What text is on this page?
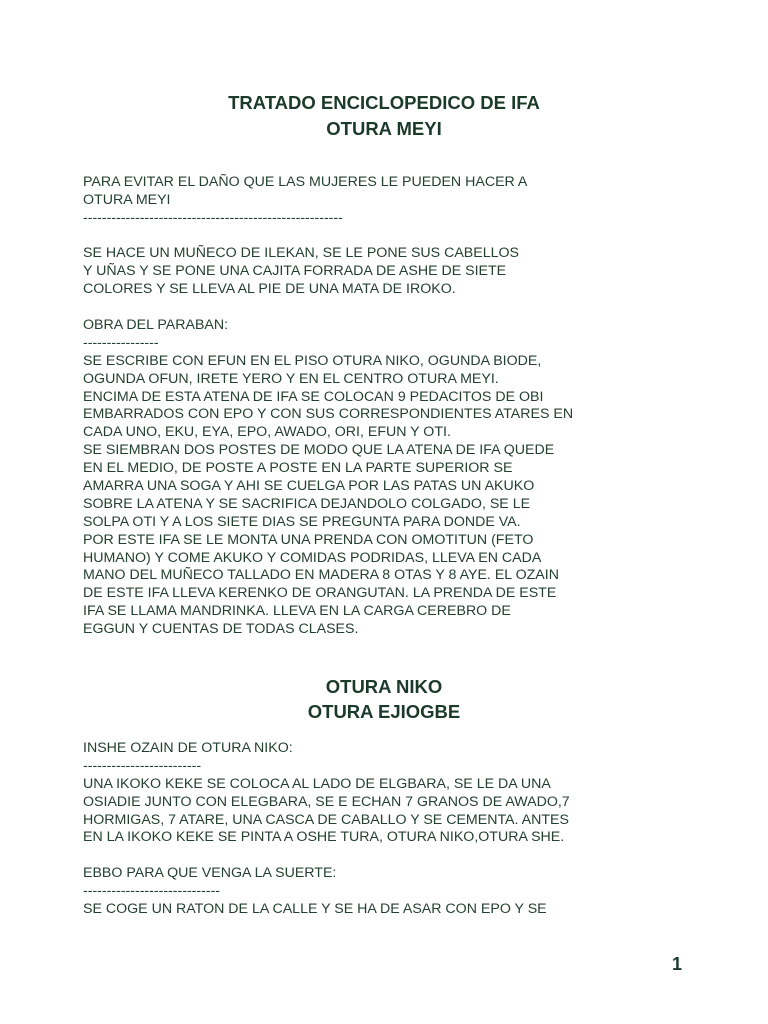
TRATADO ENCICLOPEDICO DE IFA
OTURA MEYI
PARA EVITAR EL DAÑO QUE LAS MUJERES LE PUEDEN HACER A
OTURA MEYI
-------------------------------------------------------
SE HACE UN MUÑECO DE ILEKAN, SE LE PONE SUS CABELLOS
Y UÑAS Y SE PONE UNA CAJITA FORRADA DE ASHE DE SIETE
COLORES Y SE LLEVA AL PIE DE UNA MATA DE IROKO.
OBRA DEL PARABAN:
----------------
SE ESCRIBE CON EFUN EN EL PISO OTURA NIKO, OGUNDA BIODE,
OGUNDA OFUN, IRETE YERO Y EN EL CENTRO OTURA MEYI.
ENCIMA DE ESTA ATENA DE IFA SE COLOCAN 9 PEDACITOS DE OBI
EMBARRADOS CON EPO Y CON SUS CORRESPONDIENTES ATARES EN
CADA UNO, EKU, EYA, EPO, AWADO, ORI, EFUN Y OTI.
SE SIEMBRAN DOS POSTES DE MODO QUE LA ATENA DE IFA QUEDE
EN EL MEDIO, DE POSTE A POSTE EN LA PARTE SUPERIOR SE
AMARRA UNA SOGA Y AHI SE CUELGA POR LAS PATAS UN AKUKO
SOBRE LA ATENA Y SE SACRIFICA DEJANDOLO COLGADO, SE LE
SOLPA OTI Y A LOS SIETE DIAS SE PREGUNTA PARA DONDE VA.
POR ESTE IFA SE LE MONTA UNA PRENDA CON OMOTITUN (FETO
HUMANO) Y COME AKUKO Y COMIDAS PODRIDAS, LLEVA EN CADA
MANO DEL MUÑECO TALLADO EN MADERA 8 OTAS Y 8 AYE. EL OZAIN
DE ESTE IFA LLEVA KERENKO DE ORANGUTAN. LA PRENDA DE ESTE
IFA SE LLAMA MANDRINKA. LLEVA EN LA CARGA CEREBRO DE
EGGUN Y CUENTAS DE TODAS CLASES.
OTURA NIKO
OTURA EJIOGBE
INSHE OZAIN DE OTURA NIKO:
-------------------------
UNA IKOKO KEKE SE COLOCA AL LADO DE ELGBARA, SE LE DA UNA
OSIADIE JUNTO CON ELEGBARA, SE E ECHAN 7 GRANOS DE AWADO,7
HORMIGAS, 7 ATARE, UNA CASCA DE CABALLO Y SE CEMENTA. ANTES
EN LA IKOKO KEKE SE PINTA A OSHE TURA, OTURA NIKO,OTURA SHE.
EBBO PARA QUE VENGA LA SUERTE:
-----------------------------
SE COGE UN RATON DE LA CALLE Y SE HA DE ASAR CON EPO Y SE
1
